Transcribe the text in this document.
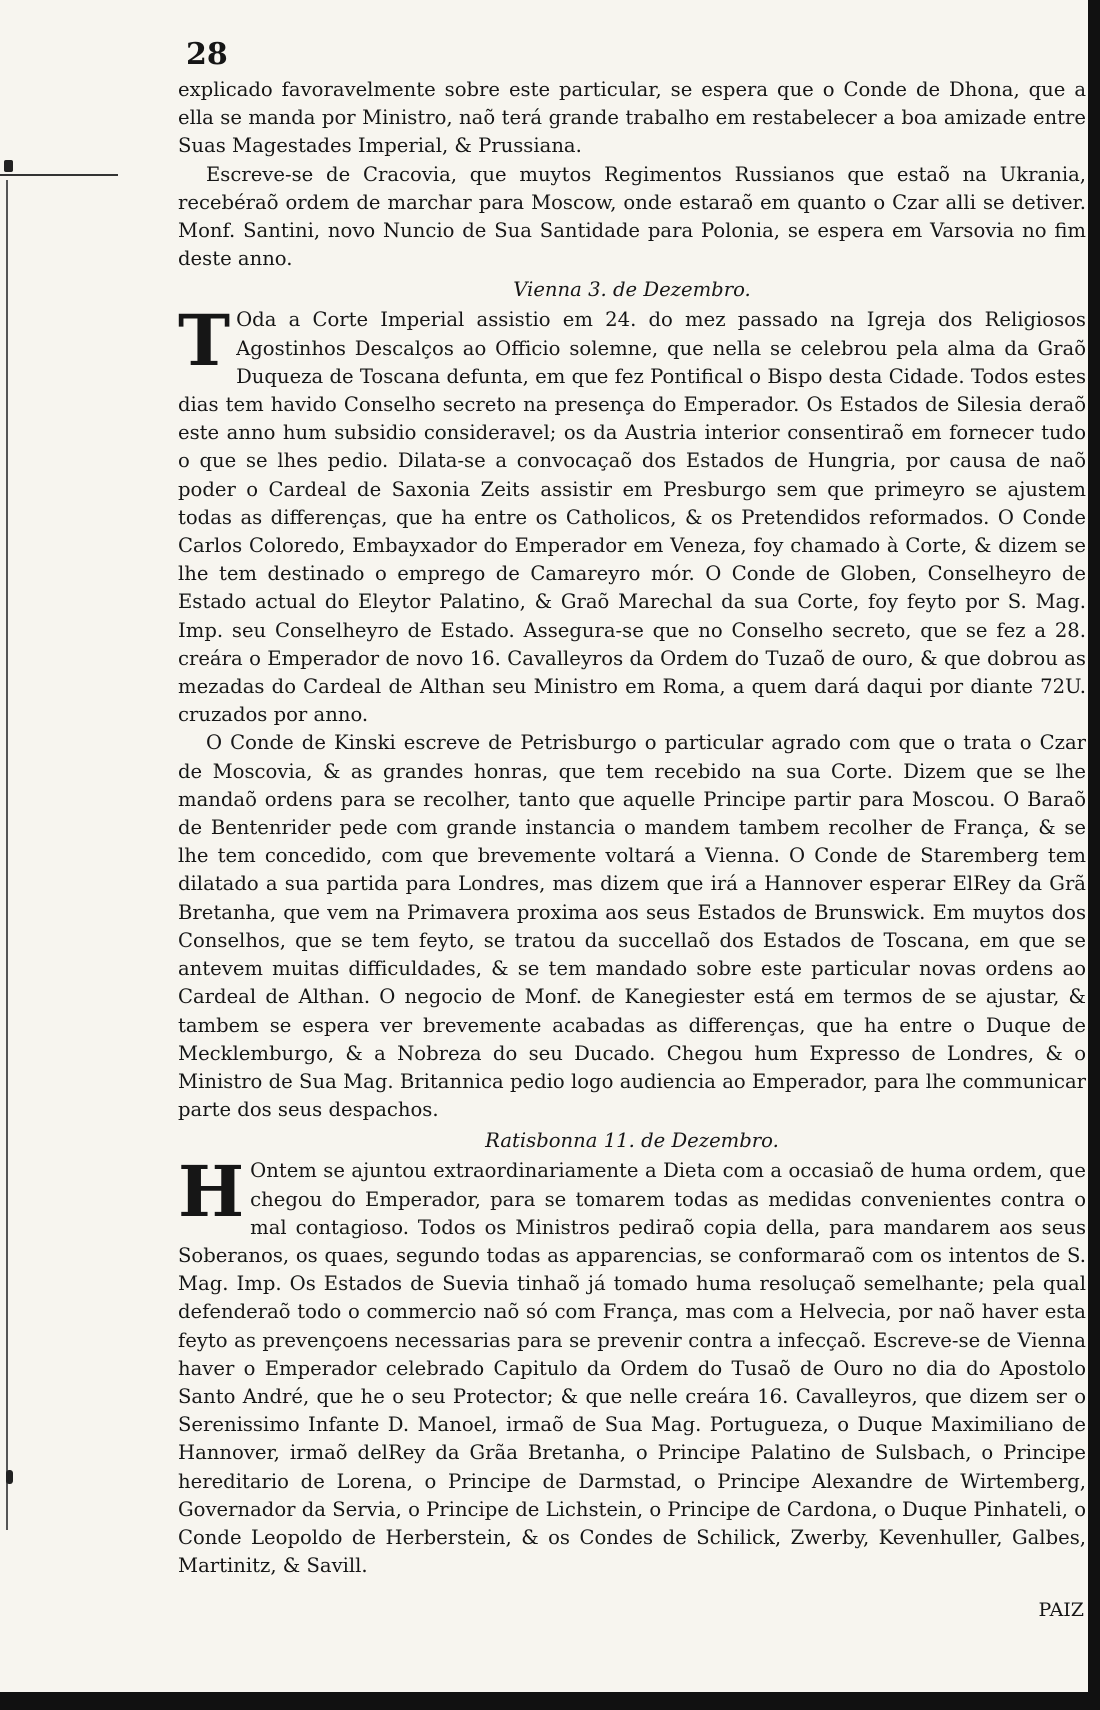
28

explicado favoravelmente sobre este particular, se espera que o Conde de Dhona, que a ella se manda por Ministro, naõ terá grande trabalho em restabelecer a boa amizade entre Suas Magestades Imperial, & Prussiana.

Escreve-se de Cracovia, que muytos Regimentos Russianos que estaõ na Ukrania, recebéraõ ordem de marchar para Moscow, onde estaraõ em quanto o Czar alli se detiver. Monf. Santini, novo Nuncio de Sua Santidade para Polonia, se espera em Varsovia no fim deste anno.

Vienna 3. de Dezembro.

T Oda a Corte Imperial assistio em 24. do mez passado na Igreja dos Religiosos Agostinhos Descalços ao Officio solemne, que nella se celebrou pela alma da Graõ Duqueza de Toscana defunta, em que fez Pontifical o Bispo desta Cidade. Todos estes dias tem havido Conselho secreto na presença do Emperador. Os Estados de Silesia deraõ este anno hum subsidio consideravel; os da Austria interior consentiraõ em fornecer tudo o que se lhes pedio. Dilata-se a convocaçaõ dos Estados de Hungria, por causa de naõ poder o Cardeal de Saxonia Zeits assistir em Presburgo sem que primeyro se ajustem todas as differenças, que ha entre os Catholicos, & os Pretendidos reformados. O Conde Carlos Coloredo, Embayxador do Emperador em Veneza, foy chamado à Corte, & dizem se lhe tem destinado o emprego de Camareyro mór. O Conde de Globen, Conselheyro de Estado actual do Eleytor Palatino, & Graõ Marechal da sua Corte, foy feyto por S. Mag. Imp. seu Conselheyro de Estado. Assegura-se que no Conselho secreto, que se fez a 28. creára o Emperador de novo 16. Cavalleyros da Ordem do Tuzaõ de ouro, & que dobrou as mezadas do Cardeal de Althan seu Ministro em Roma, a quem dará daqui por diante 72U. cruzados por anno.

O Conde de Kinski escreve de Petrisburgo o particular agrado com que o trata o Czar de Moscovia, & as grandes honras, que tem recebido na sua Corte. Dizem que se lhe mandaõ ordens para se recolher, tanto que aquelle Principe partir para Moscou. O Baraõ de Bentenrider pede com grande instancia o mandem tambem recolher de França, & se lhe tem concedido, com que brevemente voltará a Vienna. O Conde de Staremberg tem dilatado a sua partida para Londres, mas dizem que irá a Hannover esperar ElRey da Grã Bretanha, que vem na Primavera proxima aos seus Estados de Brunswick. Em muytos dos Conselhos, que se tem feyto, se tratou da succellaõ dos Estados de Toscana, em que se antevem muitas difficuldades, & se tem mandado sobre este particular novas ordens ao Cardeal de Althan. O negocio de Monf. de Kanegiester está em termos de se ajustar, & tambem se espera ver brevemente acabadas as differenças, que ha entre o Duque de Mecklemburgo, & a Nobreza do seu Ducado. Chegou hum Expresso de Londres, & o Ministro de Sua Mag. Britannica pedio logo audiencia ao Emperador, para lhe communicar parte dos seus despachos.

Ratisbonna 11. de Dezembro.

H Ontem se ajuntou extraordinariamente a Dieta com a occasiaõ de huma ordem, que chegou do Emperador, para se tomarem todas as medidas convenientes contra o mal contagioso. Todos os Ministros pediraõ copia della, para mandarem aos seus Soberanos, os quaes, segundo todas as apparencias, se conformaraõ com os intentos de S. Mag. Imp. Os Estados de Suevia tinhaõ já tomado huma resoluçaõ semelhante; pela qual defenderaõ todo o commercio naõ só com França, mas com a Helvecia, por naõ haver esta feyto as prevençoens necessarias para se prevenir contra a infecçaõ. Escreve-se de Vienna haver o Emperador celebrado Capitulo da Ordem do Tusaõ de Ouro no dia do Apostolo Santo André, que he o seu Protector; & que nelle creára 16. Cavalleyros, que dizem ser o Serenissimo Infante D. Manoel, irmaõ de Sua Mag. Portugueza, o Duque Maximiliano de Hannover, irmaõ delRey da Grãa Bretanha, o Principe Palatino de Sulsbach, o Principe hereditario de Lorena, o Principe de Darmstad, o Principe Alexandre de Wirtemberg, Governador da Servia, o Principe de Lichstein, o Principe de Cardona, o Duque Pinhateli, o Conde Leopoldo de Herberstein, & os Condes de Schilick, Zwerby, Kevenhuller, Galbes, Martinitz, & Savill.

PAIZ
